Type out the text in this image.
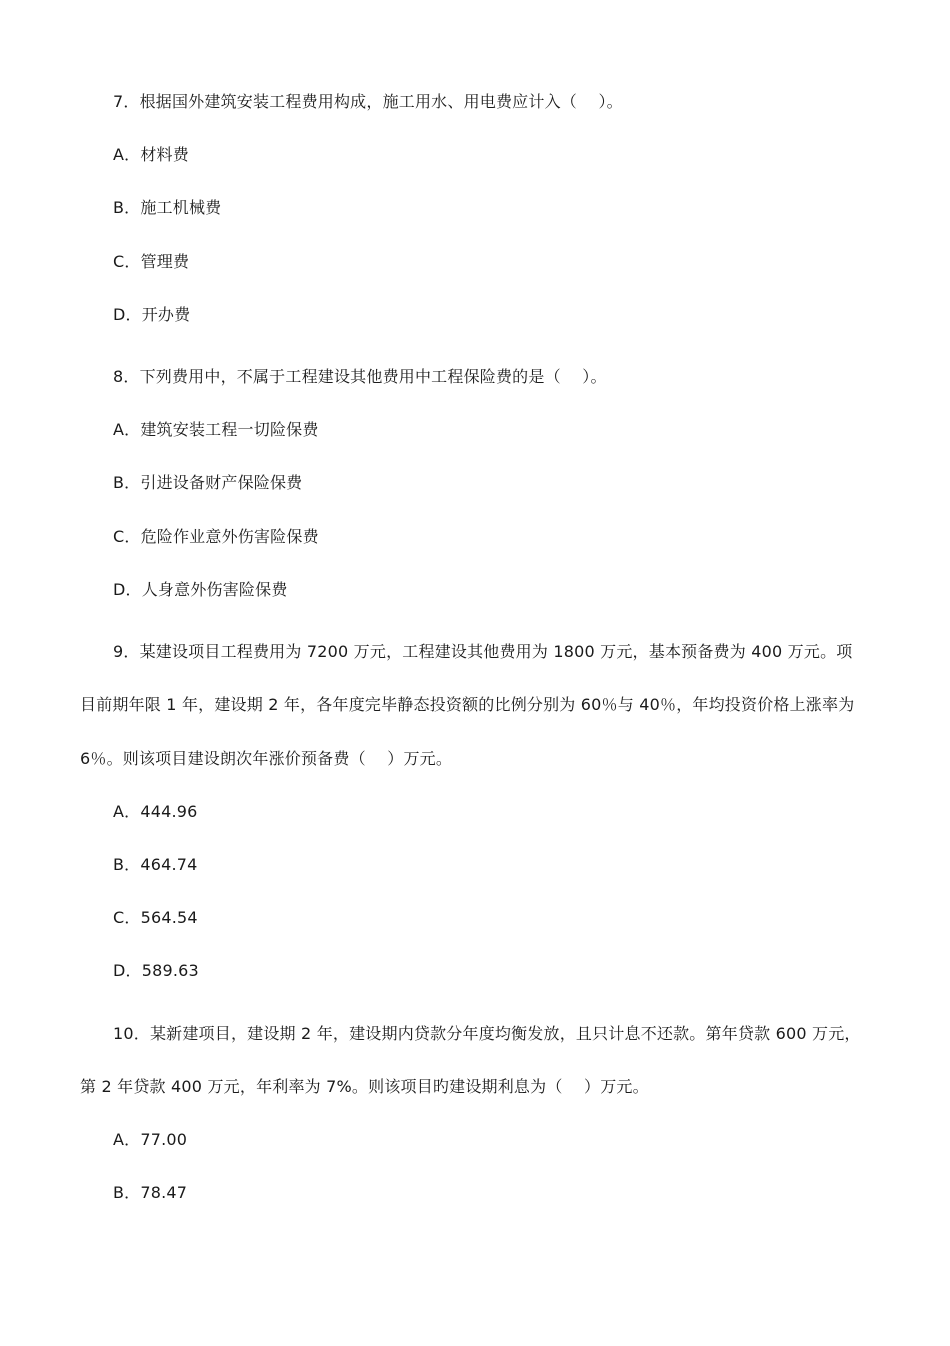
7．根据国外建筑安装工程费用构成，施工用水、用电费应计入（　 ）。
A．材料费
B．施工机械费
C．管理费
D．开办费
8．下列费用中，不属于工程建设其他费用中工程保险费的是（　 ）。
A．建筑安装工程一切险保费
B．引进设备财产保险保费
C．危险作业意外伤害险保费
D．人身意外伤害险保费
9．某建设项目工程费用为 7200 万元，工程建设其他费用为 1800 万元，基本预备费为 400 万元。项
目前期年限 1 年，建设期 2 年，各年度完毕静态投资额的比例分别为 60％与 40％，年均投资价格上涨率为
6％。则该项目建设朗次年涨价预备费（　 ）万元。
A．444.96
B．464.74
C．564.54
D．589.63
10．某新建项目，建设期 2 年，建设期内贷款分年度均衡发放，且只计息不还款。第年贷款 600 万元，
第 2 年贷款 400 万元，年利率为 7%。则该项目旳建设期利息为（　 ）万元。
A．77.00
B．78.47
